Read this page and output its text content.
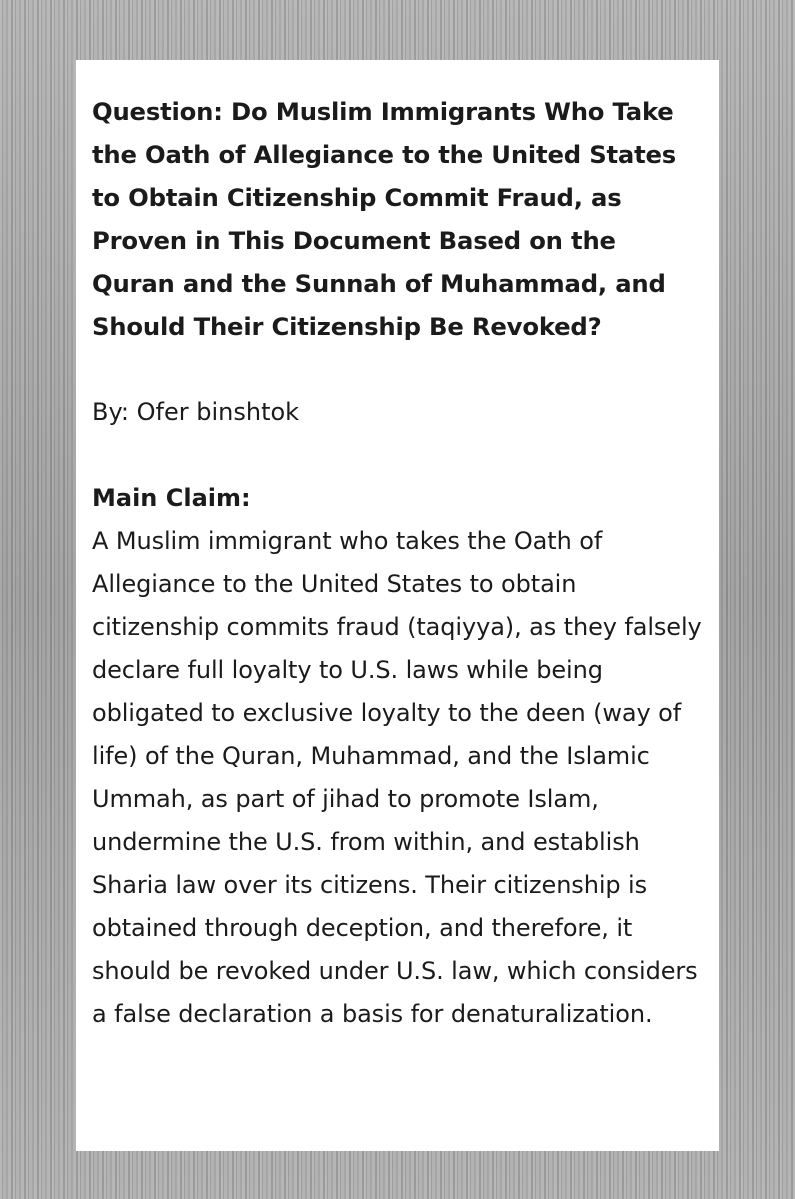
Question: Do Muslim Immigrants Who Take the Oath of Allegiance to the United States to Obtain Citizenship Commit Fraud, as Proven in This Document Based on the Quran and the Sunnah of Muhammad, and Should Their Citizenship Be Revoked?

By: Ofer binshtok

Main Claim:

A Muslim immigrant who takes the Oath of Allegiance to the United States to obtain citizenship commits fraud (taqiyya), as they falsely declare full loyalty to U.S. laws while being obligated to exclusive loyalty to the deen (way of life) of the Quran, Muhammad, and the Islamic Ummah, as part of jihad to promote Islam, undermine the U.S. from within, and establish Sharia law over its citizens. Their citizenship is obtained through deception, and therefore, it should be revoked under U.S. law, which considers a false declaration a basis for denaturalization.
